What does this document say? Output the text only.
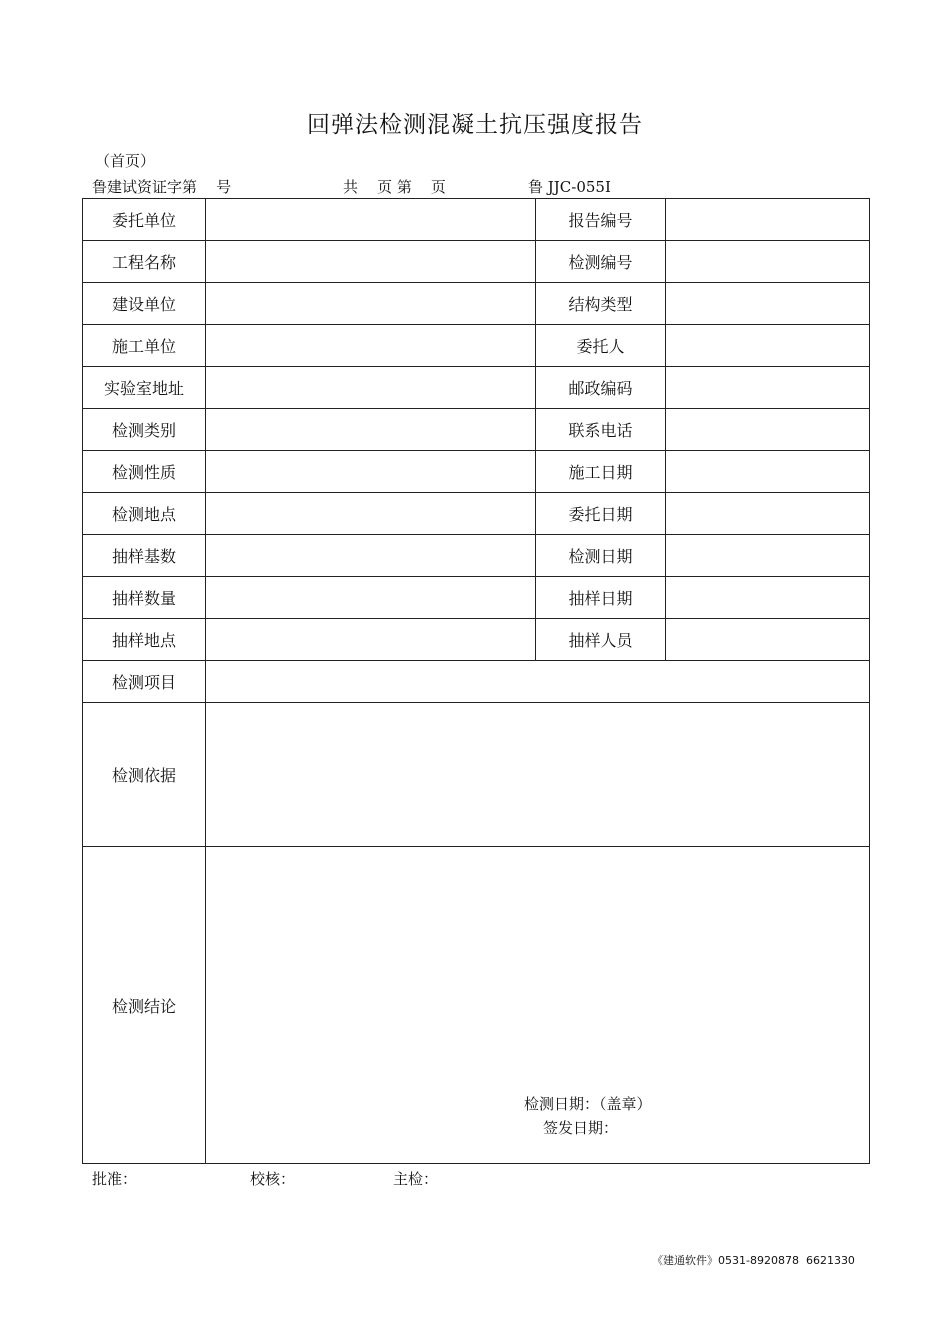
回弹法检测混凝土抗压强度报告
（首页）
鲁建试资证字第    号	共    页 第    页	鲁 JJC-055Ⅰ
委托单位		报告编号	
工程名称		检测编号	
建设单位		结构类型	
施工单位		委托人	
实验室地址		邮政编码	
检测类别		联系电话	
检测性质		施工日期	
检测地点		委托日期	
抽样基数		检测日期	
抽样数量		抽样日期	
抽样地点		抽样人员	
检测项目			
检测依据			
检测结论	检测日期：（盖章）
签发日期：		
批准：	校核：	主检：
《建通软件》0531-8920878  6621330
